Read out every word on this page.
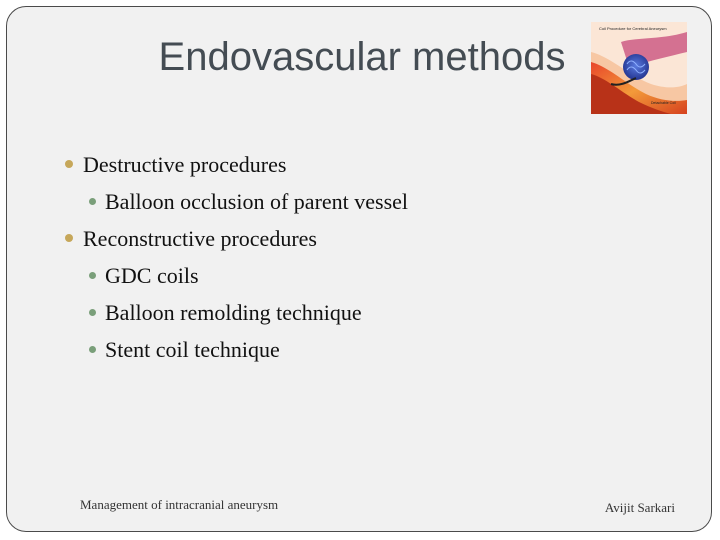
Endovascular methods
Coil Procedure for Cerebral Aneurysm
Detachable Coil
Destructive procedures
Balloon occlusion of parent vessel
Reconstructive procedures
GDC coils
Balloon remolding technique
Stent coil technique
Management of intracranial aneurysm	Avijit Sarkari
